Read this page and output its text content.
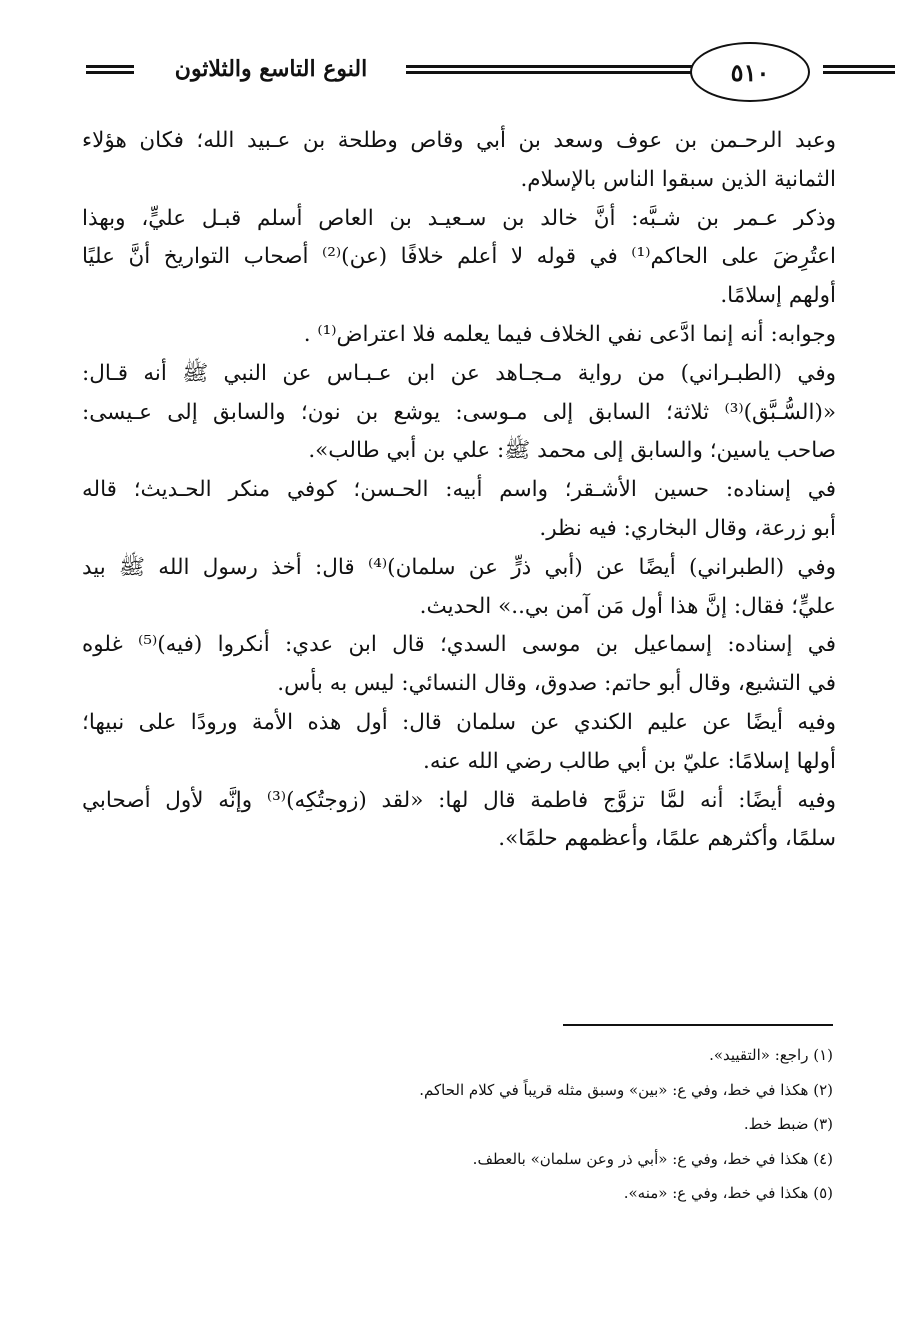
النوع التاسع والثلاثون	٥١٠
وعبد الرحـمن بن عوف وسعد بن أبي وقاص وطلحة بن عـبيد الله؛ فكان هؤلاء
الثمانية الذين سبقوا الناس بالإسلام.
وذكر عـمر بن شـبَّه: أنَّ خالد بن سـعيـد بن العاص أسلم قبـل عليٍّ، وبهذا
اعتُرِضَ على الحاكم⁽¹⁾ في قوله لا أعلم خلافًا (عن)⁽²⁾ أصحاب التواريخ أنَّ عليًا
أولهم إسلامًا.
وجوابه: أنه إنما ادَّعى نفي الخلاف فيما يعلمه فلا اعتراض⁽¹⁾ .
وفي (الطبـراني) من رواية مـجـاهد عن ابن عـبـاس عن النبي ﷺ أنه قـال:
«(السُّـبَّق)⁽³⁾ ثلاثة؛ السابق إلى مـوسى: يوشع بن نون؛ والسابق إلى عـيسى:
صاحب ياسين؛ والسابق إلى محمد ﷺ: علي بن أبي طالب».
في إسناده: حسين الأشـقر؛ واسم أبيه: الحـسن؛ كوفي منكر الحـديث؛ قاله
أبو زرعة، وقال البخاري: فيه نظر.
وفي (الطبراني) أيضًا عن (أبي ذرٍّ عن سلمان)⁽⁴⁾ قال: أخذ رسول الله ﷺ بيد
عليٍّ؛ فقال: إنَّ هذا أول مَن آمن بي..» الحديث.
في إسناده: إسماعيل بن موسى السدي؛ قال ابن عدي: أنكروا (فيه)⁽⁵⁾ غلوه
في التشيع، وقال أبو حاتم: صدوق، وقال النسائي: ليس به بأس.
وفيه أيضًا عن عليم الكندي عن سلمان قال: أول هذه الأمة ورودًا على نبيها؛
أولها إسلامًا: عليّ بن أبي طالب رضي الله عنه.
وفيه أيضًا: أنه لمَّا تزوَّج فاطمة قال لها: «لقد (زوجتُكِه)⁽³⁾ وإنَّه لأول أصحابي
سلمًا، وأكثرهم علمًا، وأعظمهم حلمًا».
(١) راجع: «التقييد».
(٢) هكذا في خط، وفي ع: «بين» وسبق مثله قريباً في كلام الحاكم.
(٣) ضبط خط.
(٤) هكذا في خط، وفي ع: «أبي ذر وعن سلمان» بالعطف.
(٥) هكذا في خط، وفي ع: «منه».
